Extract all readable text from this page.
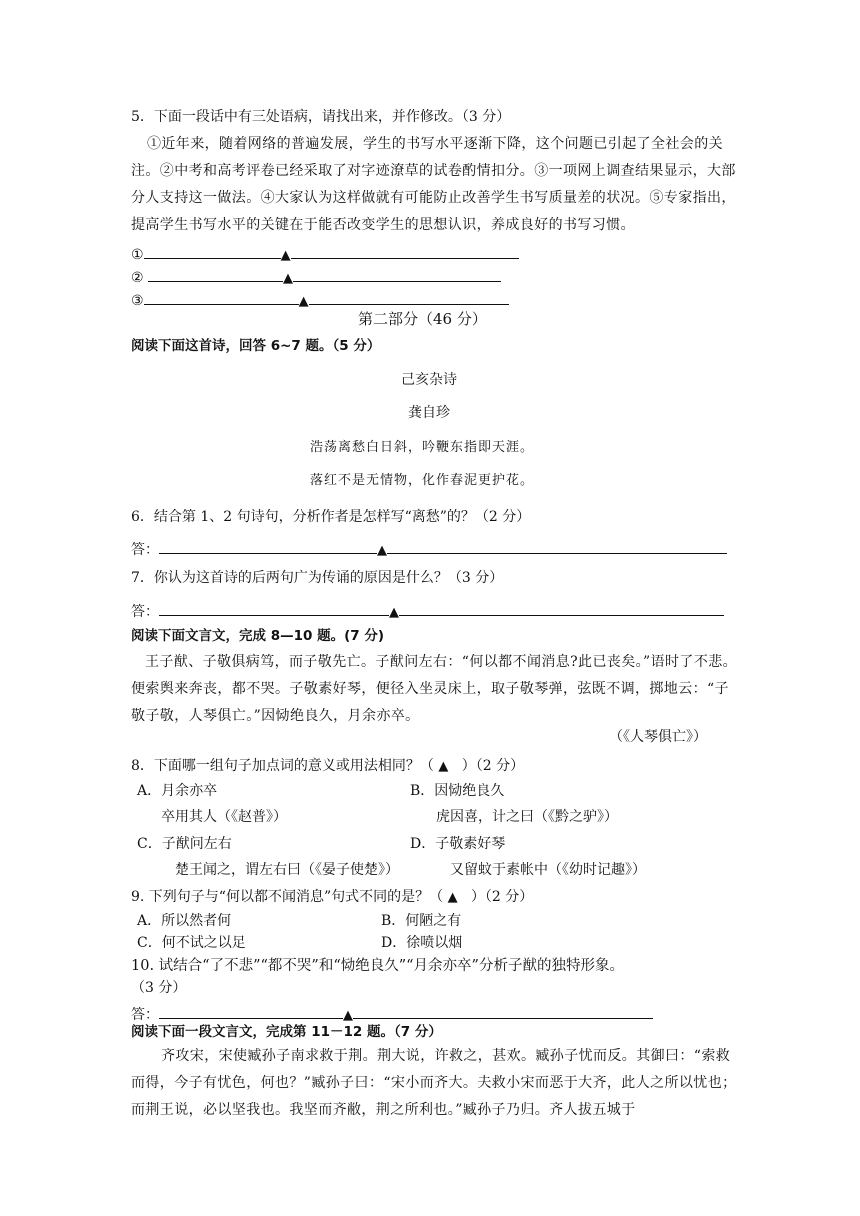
5．下面一段话中有三处语病，请找出来，并作修改。（3 分）
①近年来，随着网络的普遍发展，学生的书写水平逐渐下降，这个问题已引起了全社会的关注。②中考和高考评卷已经采取了对字迹潦草的试卷酌情扣分。③一项网上调查结果显示，大部分人支持这一做法。④大家认为这样做就有可能防止改善学生书写质量差的状况。⑤专家指出，提高学生书写水平的关键在于能否改变学生的思想认识，养成良好的书写习惯。
①	▲
②	▲
③	▲
第二部分（46 分）
阅读下面这首诗，回答 6~7 题。（5 分）
己亥杂诗
龚自珍
浩荡离愁白日斜，吟鞭东指即天涯。
落红不是无情物，化作春泥更护花。
6．结合第 1、2 句诗句，分析作者是怎样写“离愁”的？（2 分）
答：	▲
7．你认为这首诗的后两句广为传诵的原因是什么？（3 分）
答：	▲
阅读下面文言文，完成 8—10 题。(7 分)
王子猷、子敬俱病笃，而子敬先亡。子猷问左右：“何以都不闻消息?此已丧矣。”语时了不悲。便索舆来奔丧，都不哭。子敬素好琴，便径入坐灵床上，取子敬琴弹，弦既不调，掷地云：“子敬子敬，人琴俱亡。”因恸绝良久，月余亦卒。
（《人琴俱亡》）
8．下面哪一组句子加点词的意义或用法相同？（ ▲ ）（2 分）
A．月余亦卒	B．因恸绝良久
卒用其人（《赵普》）	虎因喜，计之曰（《黔之驴》）
C．子猷问左右	D．子敬素好琴
楚王闻之，谓左右曰（《晏子使楚》）	又留蚊于素帐中（《幼时记趣》）
9. 下列句子与“何以都不闻消息”句式不同的是？（ ▲ ）（2 分）
A．所以然者何	B．何陋之有
C．何不试之以足	D．徐喷以烟
10. 试结合“了不悲”“都不哭”和“恸绝良久”“月余亦卒”分析子猷的独特形象。
（3 分）
答：	▲
阅读下面一段文言文，完成第 11－12 题。（7 分）
齐攻宋，宋使臧孙子南求救于荆。荆大说，许救之，甚欢。臧孙子忧而反。其御曰：“索救而得，今子有忧色，何也？”臧孙子曰：“宋小而齐大。夫救小宋而恶于大齐，此人之所以忧也；而荆王说，必以坚我也。我坚而齐敝，荆之所利也。”臧孙子乃归。齐人拔五城于
